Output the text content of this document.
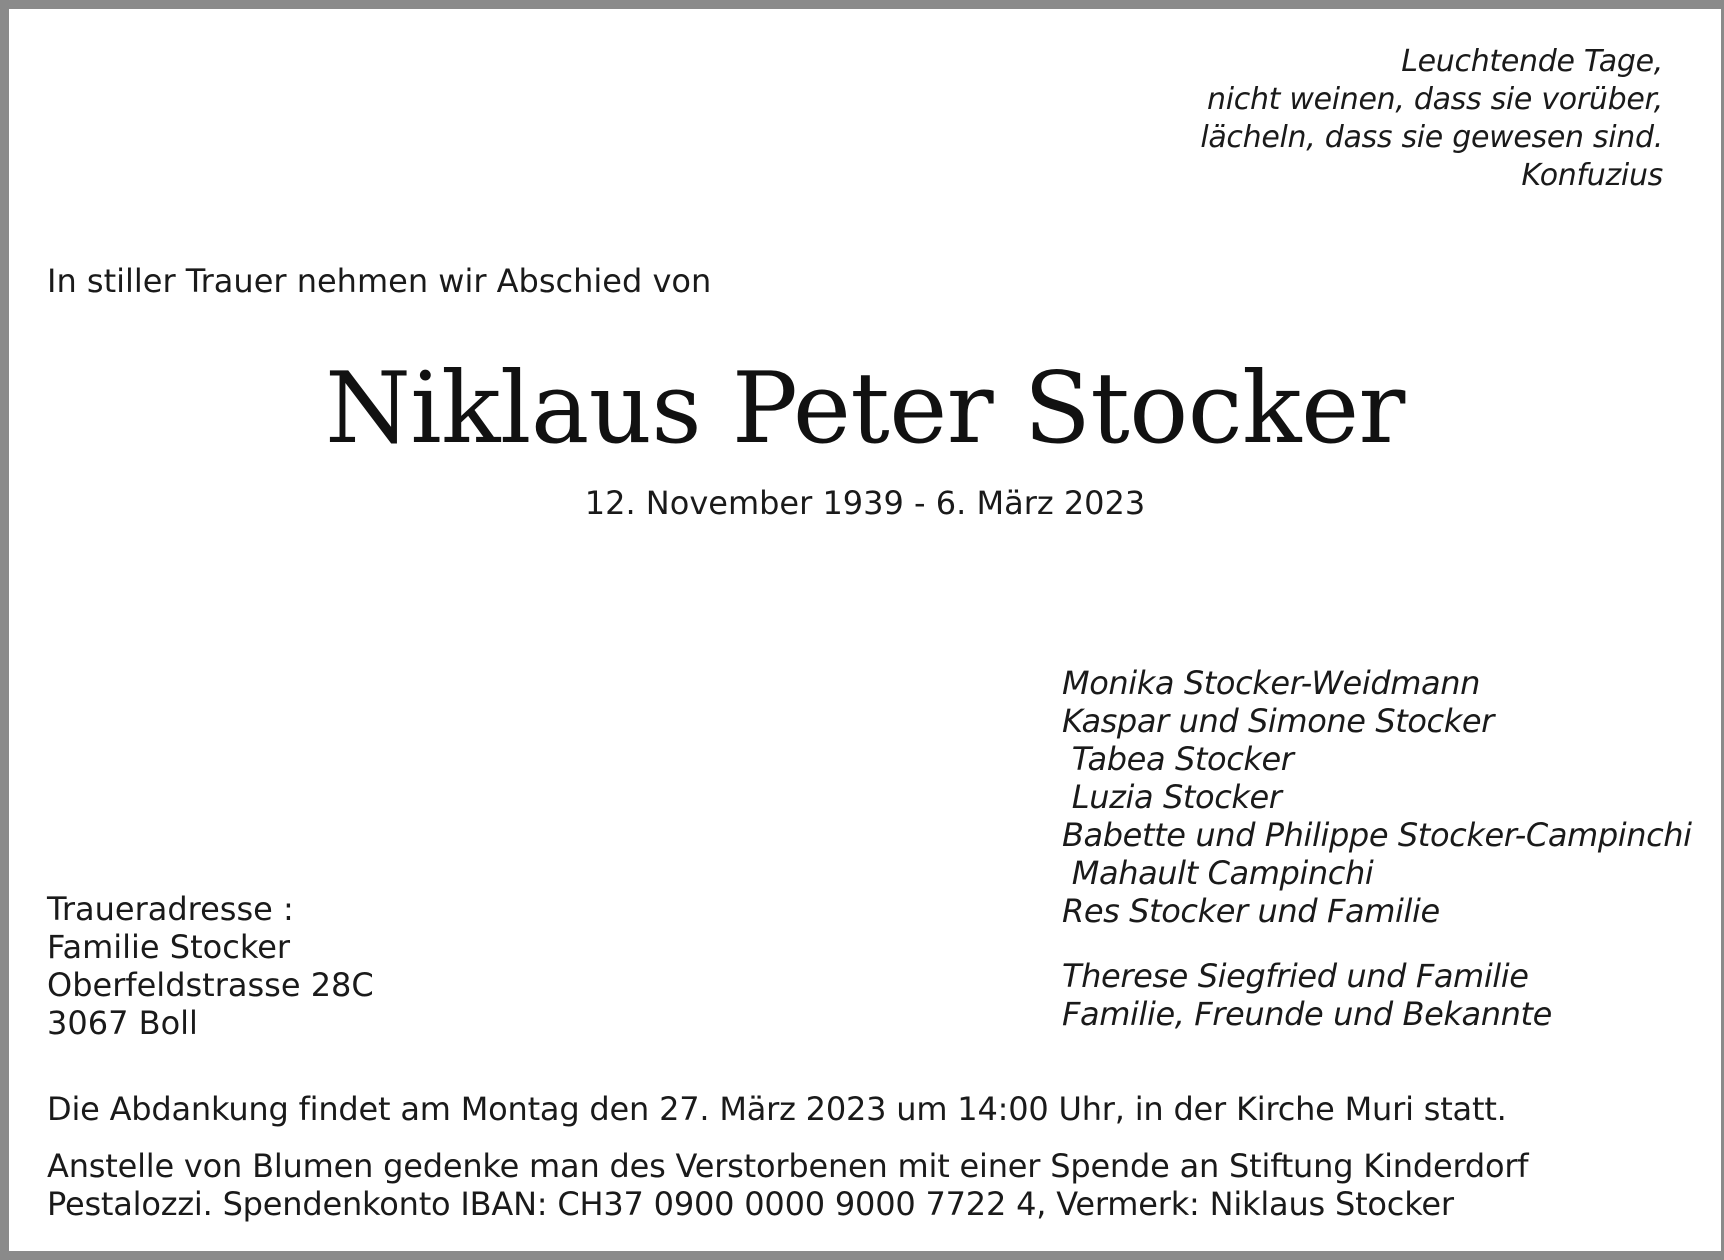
Leuchtende Tage,
nicht weinen, dass sie vorüber,
lächeln, dass sie gewesen sind.
Konfuzius
In stiller Trauer nehmen wir Abschied von
Niklaus Peter Stocker
12. November 1939 - 6. März 2023
Monika Stocker-Weidmann
Kaspar und Simone Stocker
Tabea Stocker
Luzia Stocker
Babette und Philippe Stocker-Campinchi
Mahault Campinchi
Res Stocker und Familie
Therese Siegfried und Familie
Familie, Freunde und Bekannte
Traueradresse :
Familie Stocker
Oberfeldstrasse 28C
3067 Boll
Die Abdankung findet am Montag den 27. März 2023 um 14:00 Uhr, in der Kirche Muri statt.
Anstelle von Blumen gedenke man des Verstorbenen mit einer Spende an Stiftung Kinderdorf
Pestalozzi. Spendenkonto IBAN: CH37 0900 0000 9000 7722 4, Vermerk: Niklaus Stocker
